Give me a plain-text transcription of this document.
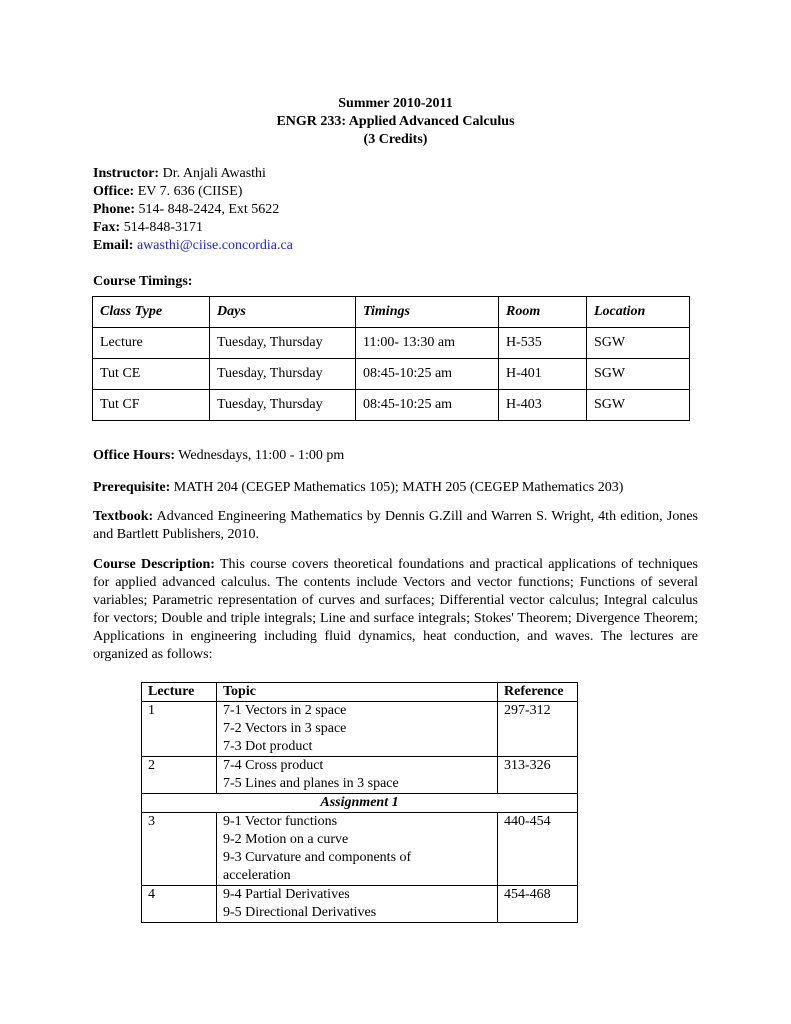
Summer 2010-2011
ENGR 233: Applied Advanced Calculus
(3 Credits)
Instructor: Dr. Anjali Awasthi
Office: EV 7. 636 (CIISE)
Phone: 514- 848-2424, Ext 5622
Fax: 514-848-3171
Email: awasthi@ciise.concordia.ca
Course Timings:
Class Type	Days	Timings	Room	Location
Lecture	Tuesday, Thursday	11:00- 13:30 am	H-535	SGW
Tut CE	Tuesday, Thursday	08:45-10:25 am	H-401	SGW
Tut CF	Tuesday, Thursday	08:45-10:25 am	H-403	SGW
Office Hours: Wednesdays, 11:00 - 1:00 pm
Prerequisite: MATH 204 (CEGEP Mathematics 105); MATH 205 (CEGEP Mathematics 203)
Textbook: Advanced Engineering Mathematics by Dennis G.Zill and Warren S. Wright, 4th edition, Jones and Bartlett Publishers, 2010.
Course Description: This course covers theoretical foundations and practical applications of techniques for applied advanced calculus. The contents include Vectors and vector functions; Functions of several variables; Parametric representation of curves and surfaces; Differential vector calculus; Integral calculus for vectors; Double and triple integrals; Line and surface integrals; Stokes' Theorem; Divergence Theorem; Applications in engineering including fluid dynamics, heat conduction, and waves. The lectures are organized as follows:
Lecture	Topic	Reference
1	7-1 Vectors in 2 space
7-2 Vectors in 3 space
7-3 Dot product	297-312
2	7-4 Cross product
7-5 Lines and planes in 3 space	313-326
Assignment 1		
3	9-1 Vector functions
9-2 Motion on a curve
9-3 Curvature and components of
acceleration	440-454
4	9-4 Partial Derivatives
9-5 Directional Derivatives	454-468
